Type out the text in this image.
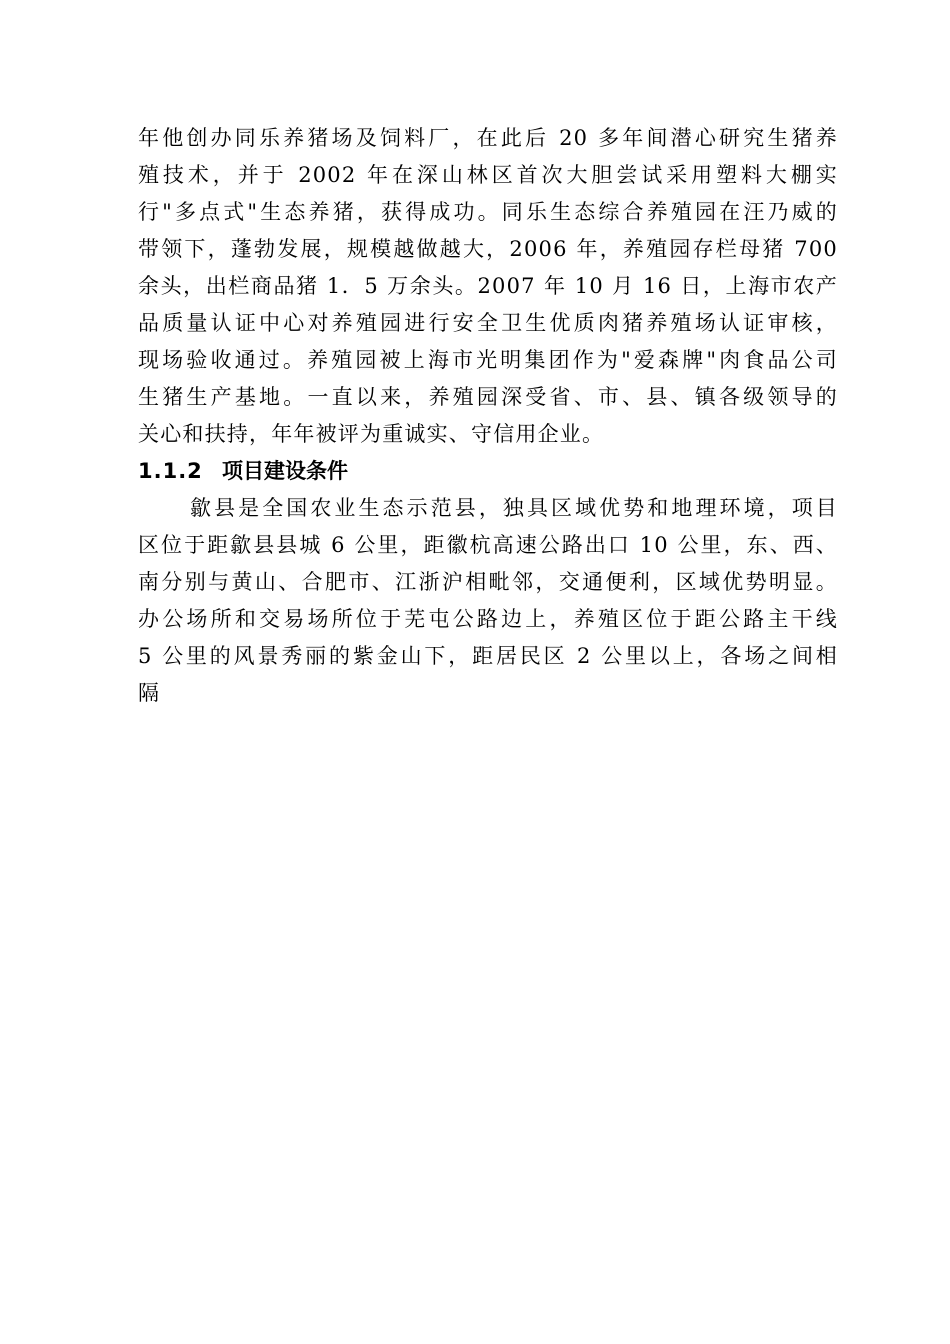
年他创办同乐养猪场及饲料厂，在此后 20 多年间潜心研究生猪养
殖技术，并于 2002 年在深山林区首次大胆尝试采用塑料大棚实
行"多点式"生态养猪，获得成功。同乐生态综合养殖园在汪乃威的
带领下，蓬勃发展，规模越做越大，2006 年，养殖园存栏母猪 700
余头，出栏商品猪 1．5 万余头。2007 年 10 月 16 日，上海市农产
品质量认证中心对养殖园进行安全卫生优质肉猪养殖场认证审核，
现场验收通过。养殖园被上海市光明集团作为"爱森牌"肉食品公司
生猪生产基地。一直以来，养殖园深受省、市、县、镇各级领导的
关心和扶持，年年被评为重诚实、守信用企业。
1.1.2 项目建设条件
歙县是全国农业生态示范县，独具区域优势和地理环境，项目
区位于距歙县县城 6 公里，距徽杭高速公路出口 10 公里，东、西、
南分别与黄山、合肥市、江浙沪相毗邻，交通便利，区域优势明显。
办公场所和交易场所位于芜屯公路边上，养殖区位于距公路主干线
5 公里的风景秀丽的紫金山下，距居民区 2 公里以上，各场之间相
隔
